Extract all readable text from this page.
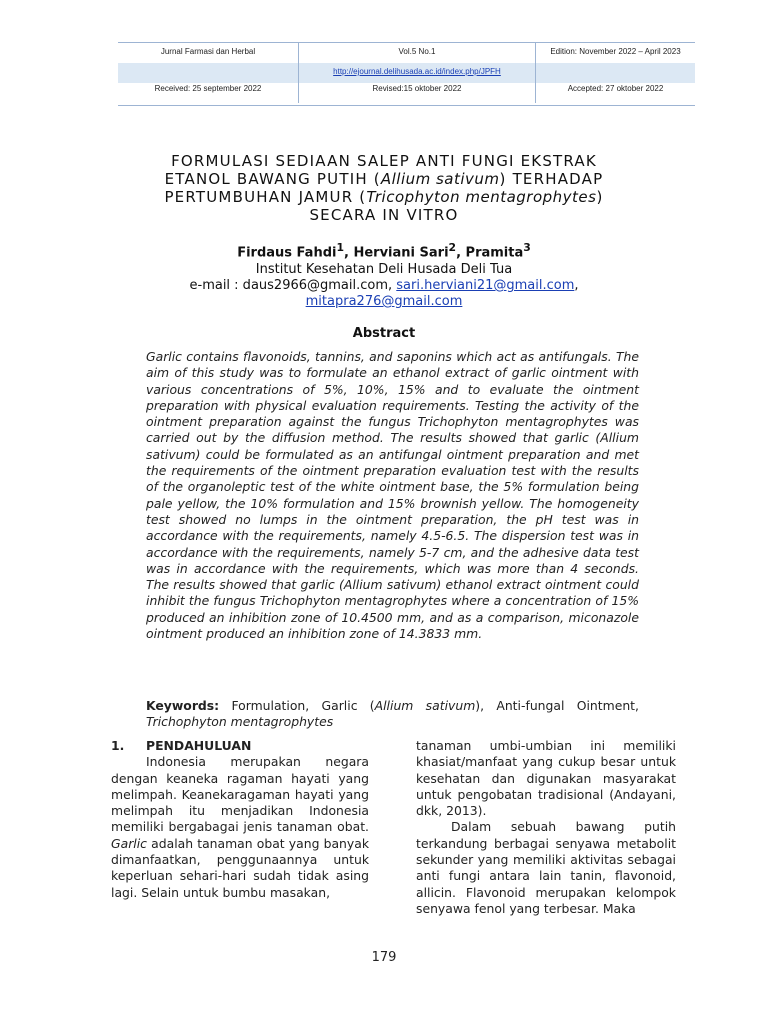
Jurnal Farmasi dan Herbal	Vol.5 No.1	Edition: November 2022 – April 2023
http://ejournal.delihusada.ac.id/index.php/JPFH
Received: 25 september 2022	Revised:15 oktober 2022	Accepted: 27 oktober 2022
FORMULASI SEDIAAN SALEP ANTI FUNGI EKSTRAK
ETANOL BAWANG PUTIH (Allium sativum) TERHADAP
PERTUMBUHAN JAMUR (Tricophyton mentagrophytes)
SECARA IN VITRO
Firdaus Fahdi$^1$, Herviani Sari$^2$, Pramita$^3$
Institut Kesehatan Deli Husada Deli Tua
e-mail : daus2966@gmail.com, sari.herviani21@gmail.com,
mitapra276@gmail.com
Abstract
Garlic contains flavonoids, tannins, and saponins which act as antifungals. The aim of this study was to formulate an ethanol extract of garlic ointment with various concentrations of 5%, 10%, 15% and to evaluate the ointment preparation with physical evaluation requirements. Testing the activity of the ointment preparation against the fungus Trichophyton mentagrophytes was carried out by the diffusion method. The results showed that garlic (Allium sativum) could be formulated as an antifungal ointment preparation and met the requirements of the ointment preparation evaluation test with the results of the organoleptic test of the white ointment base, the 5% formulation being pale yellow, the 10% formulation and 15% brownish yellow. The homogeneity test showed no lumps in the ointment preparation, the pH test was in accordance with the requirements, namely 4.5-6.5. The dispersion test was in accordance with the requirements, namely 5-7 cm, and the adhesive data test was in accordance with the requirements, which was more than 4 seconds. The results showed that garlic (Allium sativum) ethanol extract ointment could inhibit the fungus Trichophyton mentagrophytes where a concentration of 15% produced an inhibition zone of 10.4500 mm, and as a comparison, miconazole ointment produced an inhibition zone of 14.3833 mm.
Keywords: Formulation, Garlic (Allium sativum), Anti-fungal Ointment, Trichophyton mentagrophytes
1. PENDAHULUAN
Indonesia merupakan negara dengan keaneka ragaman hayati yang melimpah. Keanekaragaman hayati yang melimpah itu menjadikan Indonesia memiliki bergabagai jenis tanaman obat. Garlic adalah tanaman obat yang banyak dimanfaatkan, penggunaannya untuk keperluan sehari-hari sudah tidak asing lagi. Selain untuk bumbu masakan,
tanaman umbi-umbian ini memiliki khasiat/manfaat yang cukup besar untuk kesehatan dan digunakan masyarakat untuk pengobatan tradisional (Andayani, dkk, 2013).
Dalam sebuah bawang putih terkandung berbagai senyawa metabolit sekunder yang memiliki aktivitas sebagai anti fungi antara lain tanin, flavonoid, allicin. Flavonoid merupakan kelompok senyawa fenol yang terbesar. Maka
179
